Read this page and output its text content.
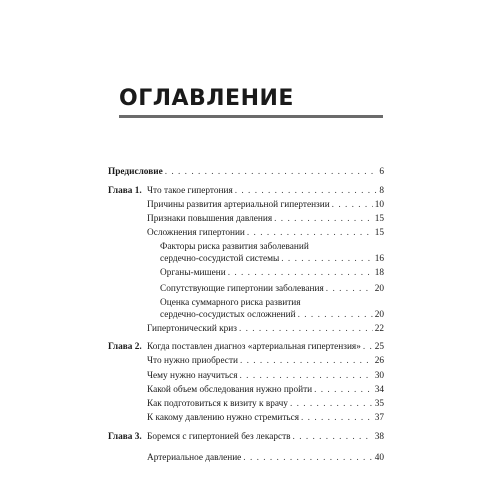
ОГЛАВЛЕНИЕ
Предисловие . . .	6
Глава 1. Что такое гипертония . . .	8
Причины развития артериальной гипертензии . . .	10
Признаки повышения давления . . .	15
Осложнения гипертонии . . .	15
Факторы риска развития заболеваний
сердечно-сосудистой системы . . .	16
Органы-мишени . . .	18
Сопутствующие гипертонии заболевания . . .	20
Оценка суммарного риска развития
сердечно-сосудистых осложнений . . .	20
Гипертонический криз . . .	22
Глава 2. Когда поставлен диагноз «артериальная гипертензия» . . . 25
Что нужно приобрести . . .	26
Чему нужно научиться . . .	30
Какой объем обследования нужно пройти . . .	34
Как подготовиться к визиту к врачу . . .	35
К какому давлению нужно стремиться . . .	37
Глава 3. Боремся с гипертонией без лекарств . . .	38
Артериальное давление . . .	40
